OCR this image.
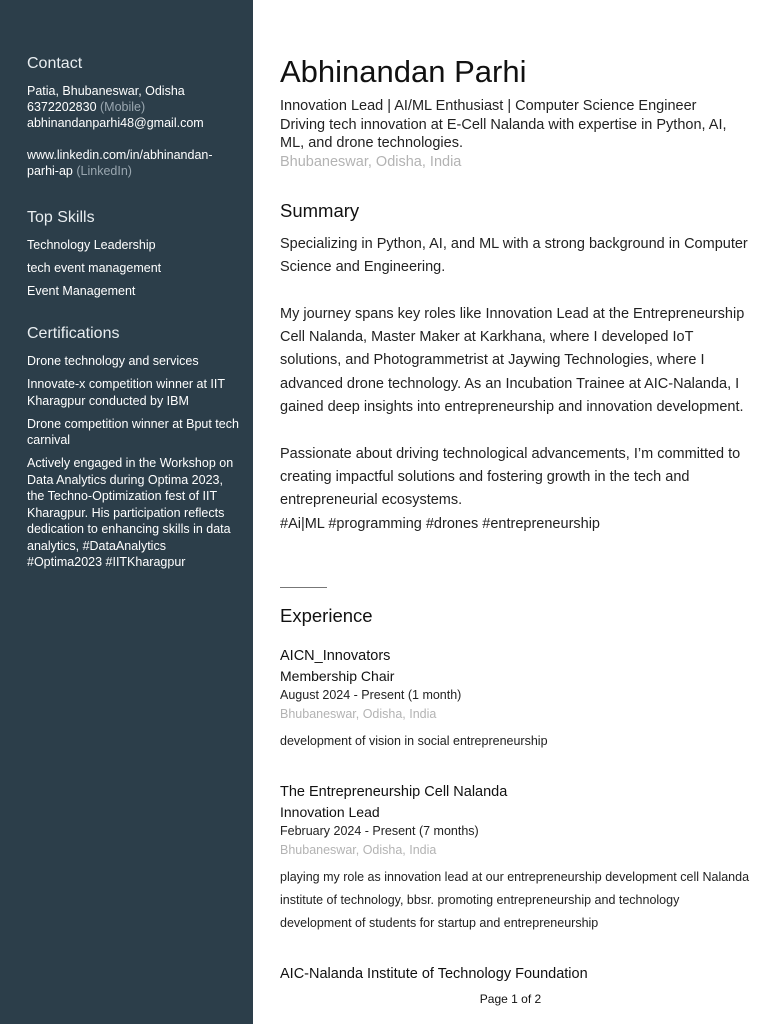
Contact
Patia, Bhubaneswar, Odisha
6372202830 (Mobile)
abhinandanparhi48@gmail.com
www.linkedin.com/in/abhinandan-
parhi-ap (LinkedIn)
Top Skills
Technology Leadership
tech event management
Event Management
Certifications
Drone technology and services
Innovate-x competition winner at IIT Kharagpur conducted by IBM
Drone competition winner at Bput tech carnival
Actively engaged in the Workshop on Data Analytics during Optima 2023, the Techno-Optimization fest of IIT Kharagpur. His participation reflects dedication to enhancing skills in data analytics, #DataAnalytics #Optima2023 #IITKharagpur
Abhinandan Parhi
Innovation Lead | AI/ML Enthusiast | Computer Science Engineer
Driving tech innovation at E-Cell Nalanda with expertise in Python, AI, ML, and drone technologies.
Bhubaneswar, Odisha, India
Summary

Specializing in Python, AI, and ML with a strong background in Computer Science and Engineering.

My journey spans key roles like Innovation Lead at the Entrepreneurship Cell Nalanda, Master Maker at Karkhana, where I developed IoT solutions, and Photogrammetrist at Jaywing Technologies, where I advanced drone technology. As an Incubation Trainee at AIC-Nalanda, I gained deep insights into entrepreneurship and innovation development.

Passionate about driving technological advancements, I’m committed to creating impactful solutions and fostering growth in the tech and entrepreneurial ecosystems.
#Ai|ML #programming #drones #entrepreneurship

Experience
AICN_Innovators
Membership Chair
August 2024 - Present (1 month)
Bhubaneswar, Odisha, India
development of vision in social entrepreneurship
The Entrepreneurship Cell Nalanda
Innovation Lead
February 2024 - Present (7 months)
Bhubaneswar, Odisha, India
playing my role as innovation lead at our entrepreneurship development cell Nalanda institute of technology, bbsr. promoting entrepreneurship and technology development of students for startup and entrepreneurship
AIC-Nalanda Institute of Technology Foundation
Page 1 of 2
